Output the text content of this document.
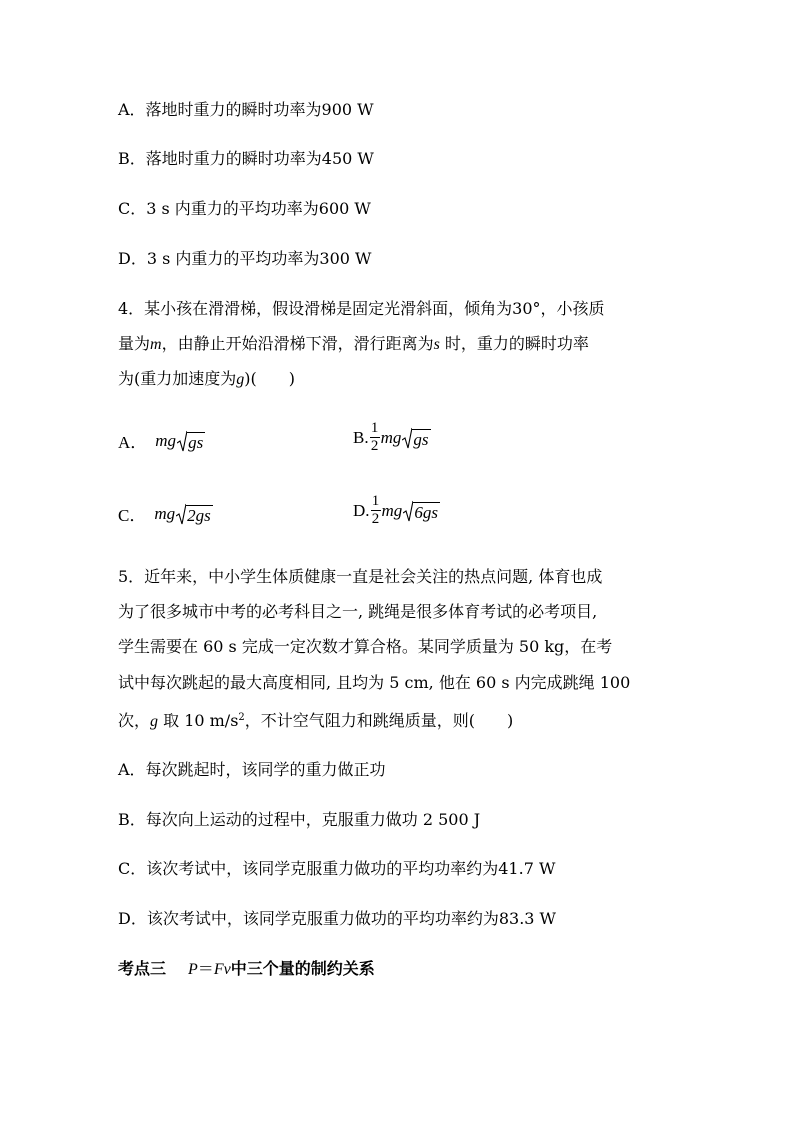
A．落地时重力的瞬时功率为900 W
B．落地时重力的瞬时功率为450 W
C．3 s 内重力的平均功率为600 W
D．3 s 内重力的平均功率为300 W
4．某小孩在滑滑梯，假设滑梯是固定光滑斜面，倾角为30°，小孩质
量为m，由静止开始沿滑梯下滑，滑行距离为s 时，重力的瞬时功率
为(重力加速度为g)(　　)
A． mg gs	B. $\frac{1}{2}$ mg gs
C． mg 2gs	D. $\frac{1}{2}$ mg 6gs
5．近年来，中小学生体质健康一直是社会关注的热点问题, 体育也成
为了很多城市中考的必考科目之一, 跳绳是很多体育考试的必考项目,
学生需要在 60 s 完成一定次数才算合格。某同学质量为 50 kg，在考
试中每次跳起的最大高度相同, 且均为 5 cm, 他在 60 s 内完成跳绳 100
次，g 取 10 $m/s^2$，不计空气阻力和跳绳质量，则(　　)
A．每次跳起时，该同学的重力做正功
B．每次向上运动的过程中，克服重力做功 2 500 J
C．该次考试中，该同学克服重力做功的平均功率约为41.7 W
D．该次考试中，该同学克服重力做功的平均功率约为83.3 W
考点三 P＝Fv中三个量的制约关系
